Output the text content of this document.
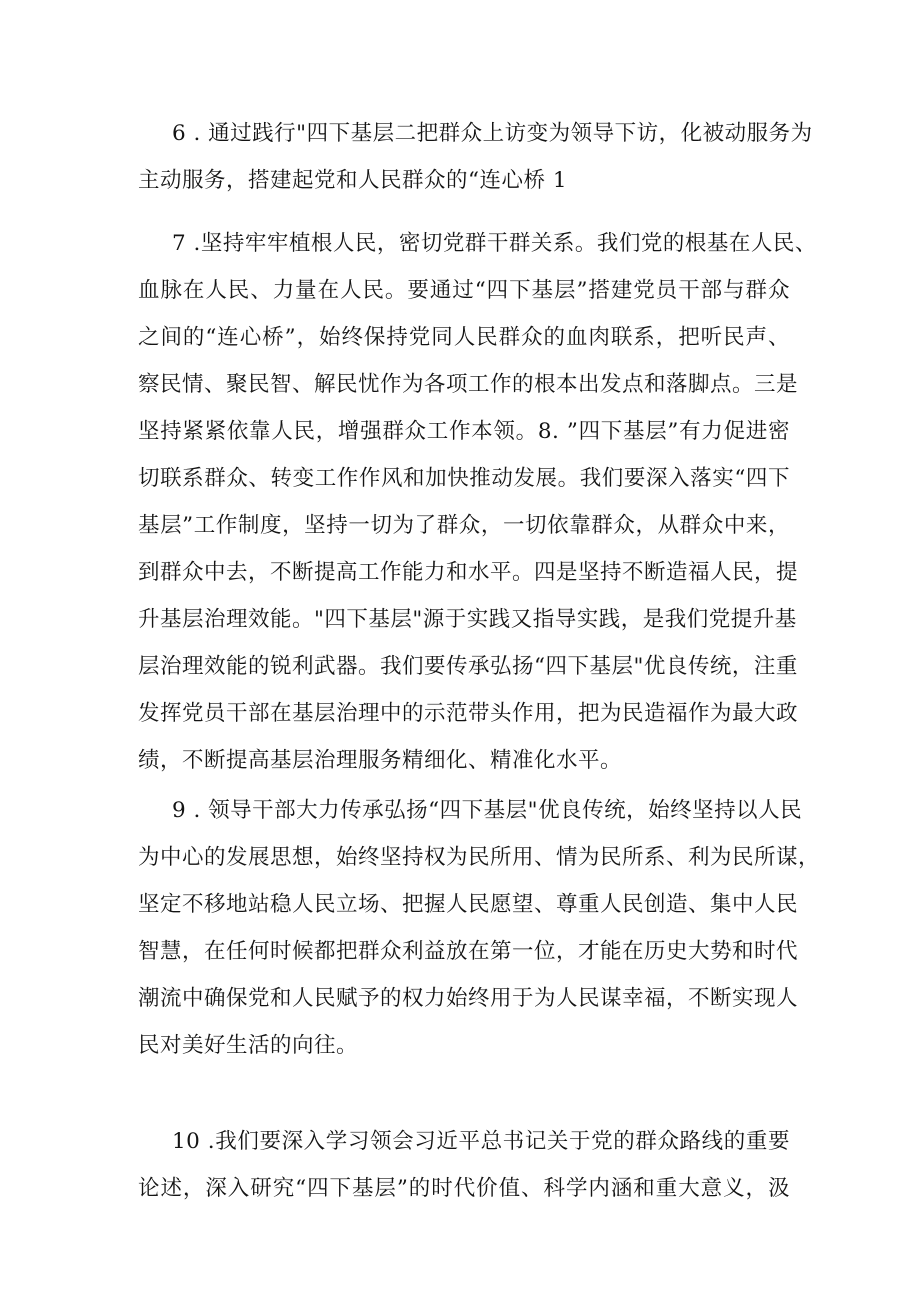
6 . 通过践行"四下基层二把群众上访变为领导下访，化被动服务为
主动服务，搭建起党和人民群众的“连心桥 1
7 .坚持牢牢植根人民，密切党群干群关系。我们党的根基在人民、
血脉在人民、力量在人民。要通过“四下基层”搭建党员干部与群众
之间的“连心桥”，始终保持党同人民群众的血肉联系，把听民声、
察民情、聚民智、解民忧作为各项工作的根本出发点和落脚点。三是
坚持紧紧依靠人民，增强群众工作本领。8. ”四下基层”有力促进密
切联系群众、转变工作作风和加快推动发展。我们要深入落实“四下
基层”工作制度，坚持一切为了群众，一切依靠群众，从群众中来，
到群众中去，不断提高工作能力和水平。四是坚持不断造福人民，提
升基层治理效能。"四下基层"源于实践又指导实践，是我们党提升基
层治理效能的锐利武器。我们要传承弘扬“四下基层"优良传统，注重
发挥党员干部在基层治理中的示范带头作用，把为民造福作为最大政
绩，不断提高基层治理服务精细化、精准化水平。
9 . 领导干部大力传承弘扬“四下基层"优良传统，始终坚持以人民
为中心的发展思想，始终坚持权为民所用、情为民所系、利为民所谋，
坚定不移地站稳人民立场、把握人民愿望、尊重人民创造、集中人民
智慧，在任何时候都把群众利益放在第一位，才能在历史大势和时代
潮流中确保党和人民赋予的权力始终用于为人民谋幸福，不断实现人
民对美好生活的向往。
10 .我们要深入学习领会习近平总书记关于党的群众路线的重要
论述，深入研究“四下基层”的时代价值、科学内涵和重大意义，汲
